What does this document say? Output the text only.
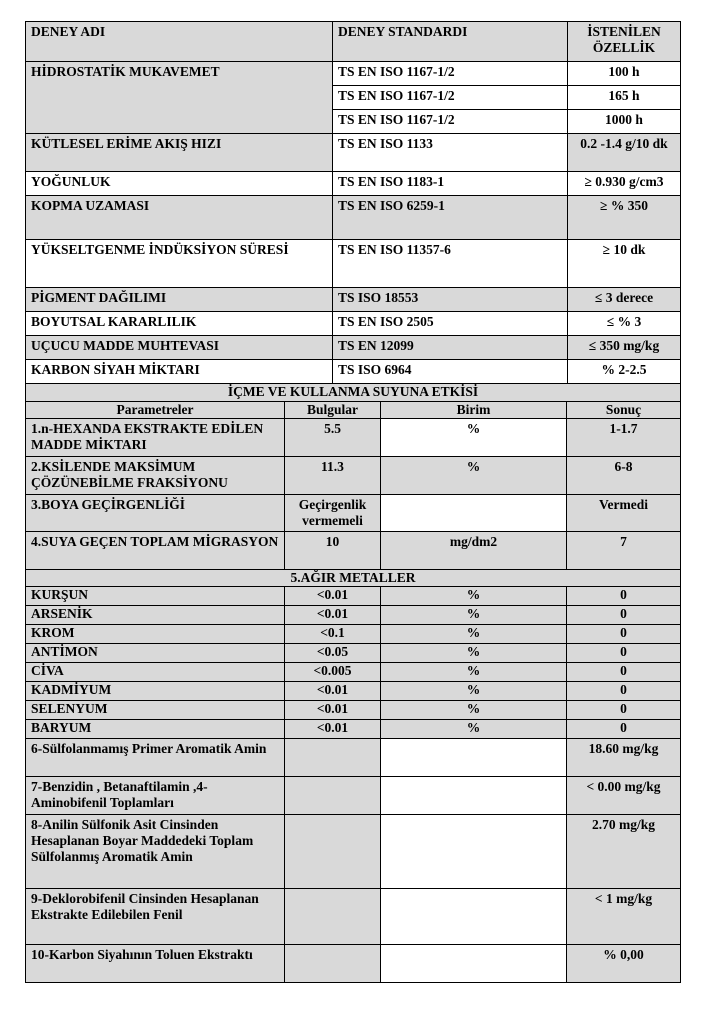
DENEY ADI	DENEY STANDARDI	İSTENİLEN
ÖZELLİK
HİDROSTATİK MUKAVEMET	TS EN ISO 1167-1/2	100 h
	TS EN ISO 1167-1/2	165 h
	TS EN ISO 1167-1/2	1000 h
KÜTLESEL ERİME AKIŞ HIZI	TS EN ISO 1133	0.2 -1.4 g/10 dk
YOĞUNLUK	TS EN ISO 1183-1	≥ 0.930 g/cm3
KOPMA UZAMASI	TS EN ISO 6259-1	≥ % 350
YÜKSELTGENME İNDÜKSİYON SÜRESİ	TS EN ISO 11357-6	≥ 10 dk
PİGMENT DAĞILIMI	TS ISO 18553	≤ 3 derece
BOYUTSAL KARARLILIK	TS EN ISO 2505	≤ % 3
UÇUCU MADDE MUHTEVASI	TS EN 12099	≤ 350 mg/kg
KARBON SİYAH MİKTARI	TS ISO 6964	% 2-2.5
İÇME VE KULLANMA SUYUNA ETKİSİ			
Parametreler	Bulgular	Birim	Sonuç
1.n-HEXANDA EKSTRAKTE EDİLEN MADDE MİKTARI	5.5	%	1-1.7
2.KSİLENDE MAKSİMUM ÇÖZÜNEBİLME FRAKSİYONU	11.3	%	6-8
3.BOYA GEÇİRGENLİĞİ	Geçirgenlik vermemeli		Vermedi
4.SUYA GEÇEN TOPLAM MİGRASYON	10	mg/dm2	7
5.AĞIR METALLER			
KURŞUN	<0.01	%	0
ARSENİK	<0.01	%	0
KROM	<0.1	%	0
ANTİMON	<0.05	%	0
CİVA	<0.005	%	0
KADMİYUM	<0.01	%	0
SELENYUM	<0.01	%	0
BARYUM	<0.01	%	0
6-Sülfolanmamış Primer Aromatik Amin			18.60 mg/kg
7-Benzidin , Betanaftilamin ,4-Aminobifenil Toplamları			< 0.00 mg/kg
8-Anilin Sülfonik Asit Cinsinden Hesaplanan Boyar Maddedeki Toplam Sülfolanmış Aromatik Amin			2.70 mg/kg
9-Deklorobifenil Cinsinden Hesaplanan Ekstrakte Edilebilen Fenil			< 1 mg/kg
10-Karbon Siyahının Toluen Ekstraktı			% 0,00
